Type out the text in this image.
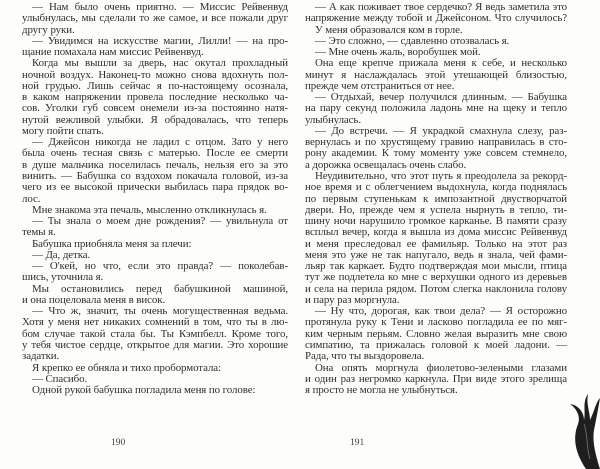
— Нам было очень приятно. — Миссис Рейвенвуд
улыбнулась, мы сделали то же самое, и все пожали друг
другу руки.
— Увидимся на искусстве магии, Лилли! — на про-
щание помахала нам миссис Рейвенвуд.
Когда мы вышли за дверь, нас окутал прохладный
ночной воздух. Наконец-то можно снова вдохнуть пол-
ной грудью. Лишь сейчас я по-настоящему осознала,
в каком напряжении провела последние несколько ча-
сов. Уголки губ совсем онемели из-за постоянно натя-
нутой вежливой улыбки. Я обрадовалась, что теперь
могу пойти спать.
— Джейсон никогда не ладил с отцом. Зато у него
была очень тесная связь с матерью. После ее смерти
в душе мальчика поселилась печаль, нельзя его за это
винить. — Бабушка со вздохом покачала головой, из-за
чего из ее высокой прически выбилась пара прядок во-
лос.
Мне знакома эта печаль, мысленно откликнулась я.
— Ты знала о моем дне рождения? — увильнула от
темы я.
Бабушка приобняла меня за плечи:
— Да, детка.
— О'кей, но что, если это правда? — поколебав-
шись, уточнила я.
Мы остановились перед бабушкиной машиной,
и она поцеловала меня в висок.
— Что ж, значит, ты очень могущественная ведьма.
Хотя у меня нет никаких сомнений в том, что ты в лю-
бом случае такой стала бы. Ты Кэмпбелл. Кроме того,
у тебя чистое сердце, открытое для магии. Это хорошие
задатки.
Я крепко ее обняла и тихо пробормотала:
— Спасибо.
Одной рукой бабушка погладила меня по голове:
— А как поживает твое сердечко? Я ведь заметила это
напряжение между тобой и Джейсоном. Что случилось?
У меня образовался ком в горле.
— Это сложно, — сдавленно отозвалась я.
— Мне очень жаль, воробушек мой.
Она еще крепче прижала меня к себе, и несколько
минут я наслаждалась этой утешающей близостью,
прежде чем отстраниться от нее.
— Отдыхай, вечер получился длинным. — Бабушка
на пару секунд положила ладонь мне на щеку и тепло
улыбнулась.
— До встречи. — Я украдкой смахнула слезу, раз-
вернулась и по хрустящему гравию направилась в сто-
рону академии. К тому моменту уже совсем стемнело,
а дорожка освещалась очень слабо.
Неудивительно, что этот путь я преодолела за рекорд-
ное время и с облегчением выдохнула, когда поднялась
по первым ступенькам к импозантной двустворчатой
двери. Но, прежде чем я успела нырнуть в тепло, ти-
шину ночи нарушило громкое карканье. В памяти сразу
всплыл вечер, когда я вышла из дома миссис Рейвенвуд
и меня преследовал ее фамильяр. Только на этот раз
меня это уже не так напугало, ведь я знала, чей фами-
льяр так каркает. Будто подтверждая мои мысли, птица
тут же подлетела ко мне с верхушки одного из деревьев
и села на перила рядом. Потом слегка наклонила голову
и пару раз моргнула.
— Ну что, дорогая, как твои дела? — Я осторожно
протянула руку к Тени и ласково погладила ее по мяг-
ким черным перьям. Словно желая выразить мне свою
симпатию, та прижалась головой к моей ладони. —
Рада, что ты выздоровела.
Она опять моргнула фиолетово-зелеными глазами
и один раз негромко каркнула. При виде этого зрелища
я просто не могла не улыбнуться.
190	191
